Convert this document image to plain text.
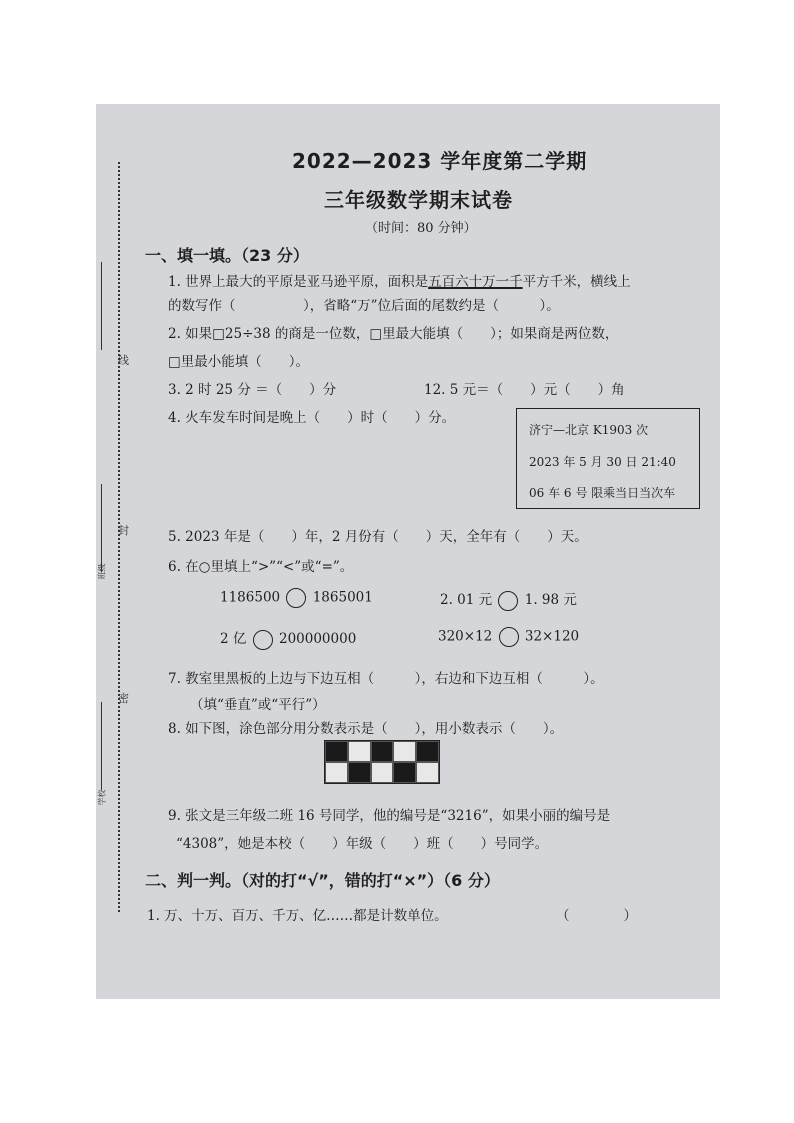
线
封
密
班级
学校
2022—2023 学年度第二学期
三年级数学期末试卷
（时间：80 分钟）
一、填一填。（23 分）
1. 世界上最大的平原是亚马逊平原，面积是五百六十万一千平方千米，横线上
的数写作（　　　　　），省略“万”位后面的尾数约是（　　　）。
2. 如果□25÷38 的商是一位数，□里最大能填（　　）；如果商是两位数，
□里最小能填（　　）。
3. 2 时 25 分 ＝（　　）分	12. 5 元＝（　　）元（　　）角
4. 火车发车时间是晚上（　　）时（　　）分。
济宁—北京 K1903 次
2023 年 5 月 30 日 21:40
06 车 6 号 限乘当日当次车
5. 2023 年是（　　）年，2 月份有（　　）天，全年有（　　）天。
6. 在○里填上“>”“<”或“=”。
1186500 1865001	2. 01 元 1. 98 元
2 亿 200000000	320×12 32×120
7. 教室里黑板的上边与下边互相（　　　），右边和下边互相（　　　）。
（填“垂直”或“平行”）
8. 如下图，涂色部分用分数表示是（　　），用小数表示（　　）。
9. 张文是三年级二班 16 号同学，他的编号是“3216”，如果小丽的编号是
“4308”，她是本校（　　）年级（　　）班（　　）号同学。
二、判一判。（对的打“√”，错的打“×”）（6 分）
1. 万、十万、百万、千万、亿……都是计数单位。	（　　　　）
